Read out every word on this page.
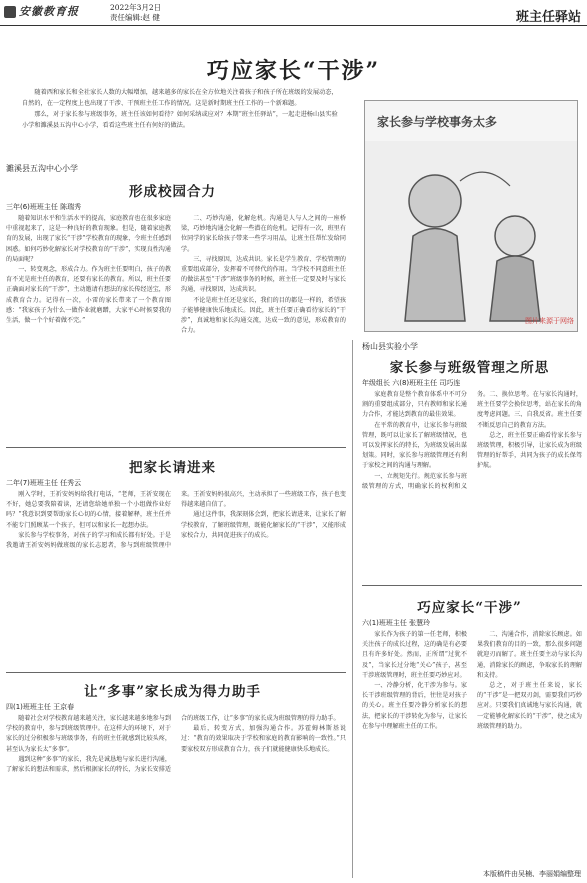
安徽教育报	2022年3月2日
责任编辑:赵 健	班主任驿站
巧应家长“干涉”

随着西和家长和全社家长人数的大幅增加，越来越多的家长在全方位地关注着孩子和孩子所在班级的发展动态，自然的，在一定程度上也出现了干涉、干预班主任工作的情况。这是新时期班主任工作的一个新难题。

那么，对于家长参与班级事务，班主任该如何看待？如何采纳或应对？本期“班主任驿站”，一起走进杨山县实验小学和濉溪县五沟中心小学，看看这些班主任有何好的做法。	家长参与学校事务太多
图片来源于网络
濉溪县五沟中心小学
形成校园合力
三年(6)班班主任 陈瑞秀

随着知识水平和生活水平的提高，家庭教育也在很多家庭中重视起来了，这是一种良好的教育现象。但是，随着家庭教育的发展，出现了家长“干涉”学校教育的现象，令班主任感到困惑。如何巧妙化解家长对学校教育的“干涉”，实现良性沟通的局面呢？

一、转变观念，形成合力。作为班主任要明白，孩子的教育不光是班主任的教育，还要有家长的教育。所以，班主任要正确面对家长的“干涉”，主动邀请有想法的家长传经送宝，形成教育合力。记得有一次，小雷的家长带来了一个教育图感：“我家孩子为什么一做作业就磨蹭，大家平心时候要我的生活，做一个个好着做不完。”

二、巧妙沟通，化解危机。沟通是人与人之间的一座桥梁，巧妙地沟通会化解一些潜在的危机。记得有一次，班里有位同学的家长给孩子带来一些学习用品，让班主任帮忙发给同学。

三、寻找原因，达成共识。家长是学生教育、学校管理的重要组成部分，发挥着不可替代的作用。当学校不同意班主任的做法甚至“干涉”班级事务的时候，班主任一定要及时与家长沟通，寻找原因，达成共识。

不论是班主任还是家长，我们的目的都是一样的，希望孩子能够健康快乐地成长。因此，班主任要正确看待家长的“干涉”，真诚地和家长沟通交流，达成一致的意见，形成教育的合力。

把家长请进来
二年(7)班班主任 任秀云

刚入学时，王祈安妈妈给我打电话，“老师，王祈安现在不好，她总要我陪着读，还请您给她单独一个小组做作业好吗？”我意识到要帮助家长心切的心情，接着解释，班主任并不能专门照顾某一个孩子，但可以和家长一起想办法。

家长参与学校事务，对孩子的学习和成长都有好处。于是我邀请王祈安妈妈做班级的家长志愿者，参与到班级管理中来。王祈安妈妈很高兴，主动承担了一些班级工作，孩子也变得越来越自信了。

通过这件事，我深刻体会到，把家长请进来，让家长了解学校教育，了解班级管理，既能化解家长的“干涉”，又能形成家校合力，共同促进孩子的成长。

让“多事”家长成为得力助手
四(1)班班主任 王京春

随着社会对学校教育越来越关注，家长越来越多地参与到学校的教育中，参与到班级管理中。在这样大的环境下，对于家长的过分积极参与班级事务，有的班主任就感到比较头疼，甚至认为家长太“多事”。

遇到这种“多事”的家长，我先是诚恳地与家长进行沟通，了解家长的想法和需求，然后根据家长的特长，为家长安排适合的班级工作，让“多事”的家长成为班级管理的得力助手。

最后，转变方式，加强沟通合作。苏霍姆林斯基说过：“教育的效果取决于学校和家庭的教育影响的一致性。”只要家校双方形成教育合力，孩子们就能健康快乐地成长。

杨山县实验小学
家长参与班级管理之所思
年级组长 六(8)班班主任 司巧连

家庭教育是整个教育体系中不可分割的重要组成部分，只有教师和家长通力合作，才能达到教育的最佳效果。

在平常的教育中，让家长参与班级管理，既可以让家长了解班级情况，也可以发挥家长的特长，为班级发展出谋划策。同时，家长参与班级管理还有利于家校之间的沟通与理解。

一、立规矩先行。规范家长参与班级管理的方式，明确家长的权利和义务。二、换位思考。在与家长沟通时，班主任要学会换位思考，站在家长的角度考虑问题。三、自我反省。班主任要不断反思自己的教育方法。

总之，班主任要正确看待家长参与班级管理，积极引导，让家长成为班级管理的好帮手，共同为孩子的成长保驾护航。

巧应家长“干涉”
六(1)班班主任 张慧玲

家长作为孩子的第一任老师，积极关注孩子的成长过程，这的确是有必要且有许多好处。然而，正所谓“过犹不及”，当家长过分地“关心”孩子，甚至干涉班级管理时，班主任要巧妙应对。

一、冷静分析，化干涉为参与。家长干涉班级管理的背后，往往是对孩子的关心。班主任要冷静分析家长的想法，把家长的干涉转化为参与，让家长在参与中理解班主任的工作。

二、沟通合作，消除家长顾虑。如果我们教育的目的一致，那么很多问题就迎刃而解了。班主任要主动与家长沟通，消除家长的顾虑，争取家长的理解和支持。

总之，对于班主任来说，家长的“干涉”是一把双刃剑，需要我们巧妙应对。只要我们真诚地与家长沟通，就一定能够化解家长的“干涉”，使之成为班级管理的助力。

本版稿件由吴楠、李丽娟编整理
